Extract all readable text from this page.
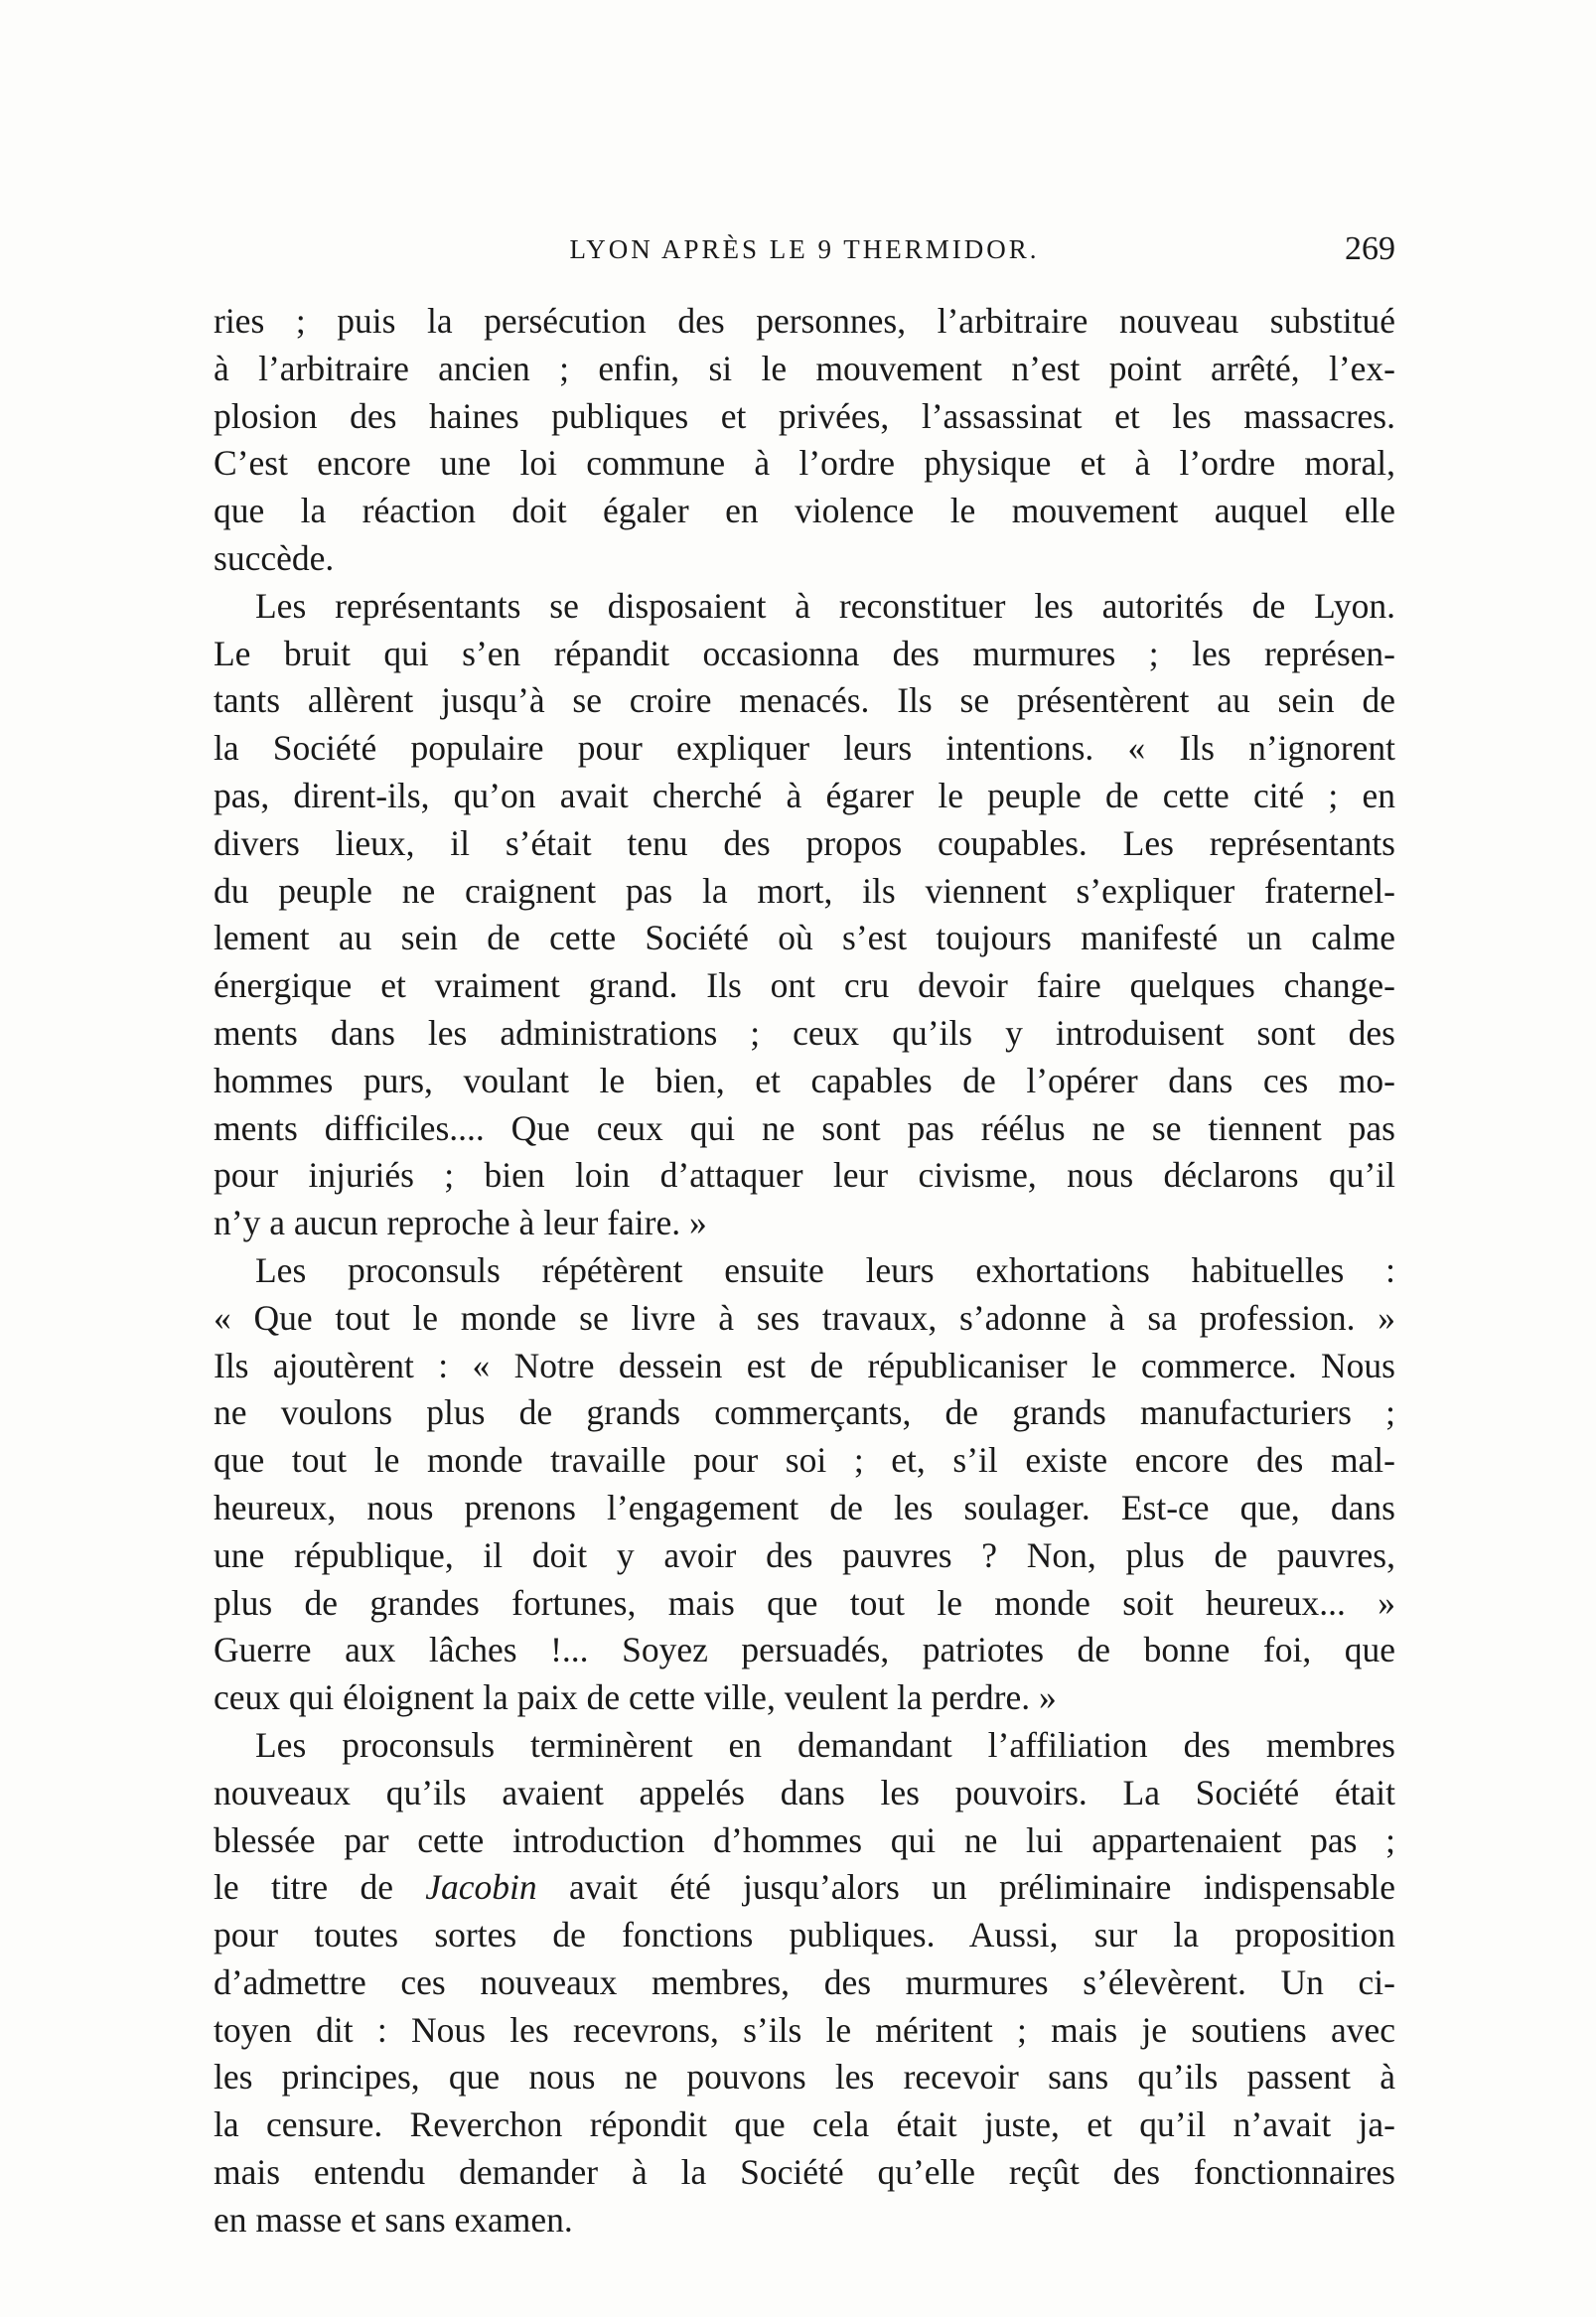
LYON APRÈS LE 9 THERMIDOR.	269
ries ; puis la persécution des personnes, l’arbitraire nouveau substitué
à l’arbitraire ancien ; enfin, si le mouvement n’est point arrêté, l’ex-
plosion des haines publiques et privées, l’assassinat et les massacres.
C’est encore une loi commune à l’ordre physique et à l’ordre moral,
que la réaction doit égaler en violence le mouvement auquel elle
succède.
Les représentants se disposaient à reconstituer les autorités de Lyon.
Le bruit qui s’en répandit occasionna des murmures ; les représen-
tants allèrent jusqu’à se croire menacés. Ils se présentèrent au sein de
la Société populaire pour expliquer leurs intentions. « Ils n’ignorent
pas, dirent-ils, qu’on avait cherché à égarer le peuple de cette cité ; en
divers lieux, il s’était tenu des propos coupables. Les représentants
du peuple ne craignent pas la mort, ils viennent s’expliquer fraternel-
lement au sein de cette Société où s’est toujours manifesté un calme
énergique et vraiment grand. Ils ont cru devoir faire quelques change-
ments dans les administrations ; ceux qu’ils y introduisent sont des
hommes purs, voulant le bien, et capables de l’opérer dans ces mo-
ments difficiles.... Que ceux qui ne sont pas réélus ne se tiennent pas
pour injuriés ; bien loin d’attaquer leur civisme, nous déclarons qu’il
n’y a aucun reproche à leur faire. »
Les proconsuls répétèrent ensuite leurs exhortations habituelles :
« Que tout le monde se livre à ses travaux, s’adonne à sa profession. »
Ils ajoutèrent : « Notre dessein est de républicaniser le commerce. Nous
ne voulons plus de grands commerçants, de grands manufacturiers ;
que tout le monde travaille pour soi ; et, s’il existe encore des mal-
heureux, nous prenons l’engagement de les soulager. Est-ce que, dans
une république, il doit y avoir des pauvres ? Non, plus de pauvres,
plus de grandes fortunes, mais que tout le monde soit heureux... »
Guerre aux lâches !... Soyez persuadés, patriotes de bonne foi, que
ceux qui éloignent la paix de cette ville, veulent la perdre. »
Les proconsuls terminèrent en demandant l’affiliation des membres
nouveaux qu’ils avaient appelés dans les pouvoirs. La Société était
blessée par cette introduction d’hommes qui ne lui appartenaient pas ;
le titre de Jacobin avait été jusqu’alors un préliminaire indispensable
pour toutes sortes de fonctions publiques. Aussi, sur la proposition
d’admettre ces nouveaux membres, des murmures s’élevèrent. Un ci-
toyen dit : Nous les recevrons, s’ils le méritent ; mais je soutiens avec
les principes, que nous ne pouvons les recevoir sans qu’ils passent à
la censure. Reverchon répondit que cela était juste, et qu’il n’avait ja-
mais entendu demander à la Société qu’elle reçût des fonctionnaires
en masse et sans examen.
